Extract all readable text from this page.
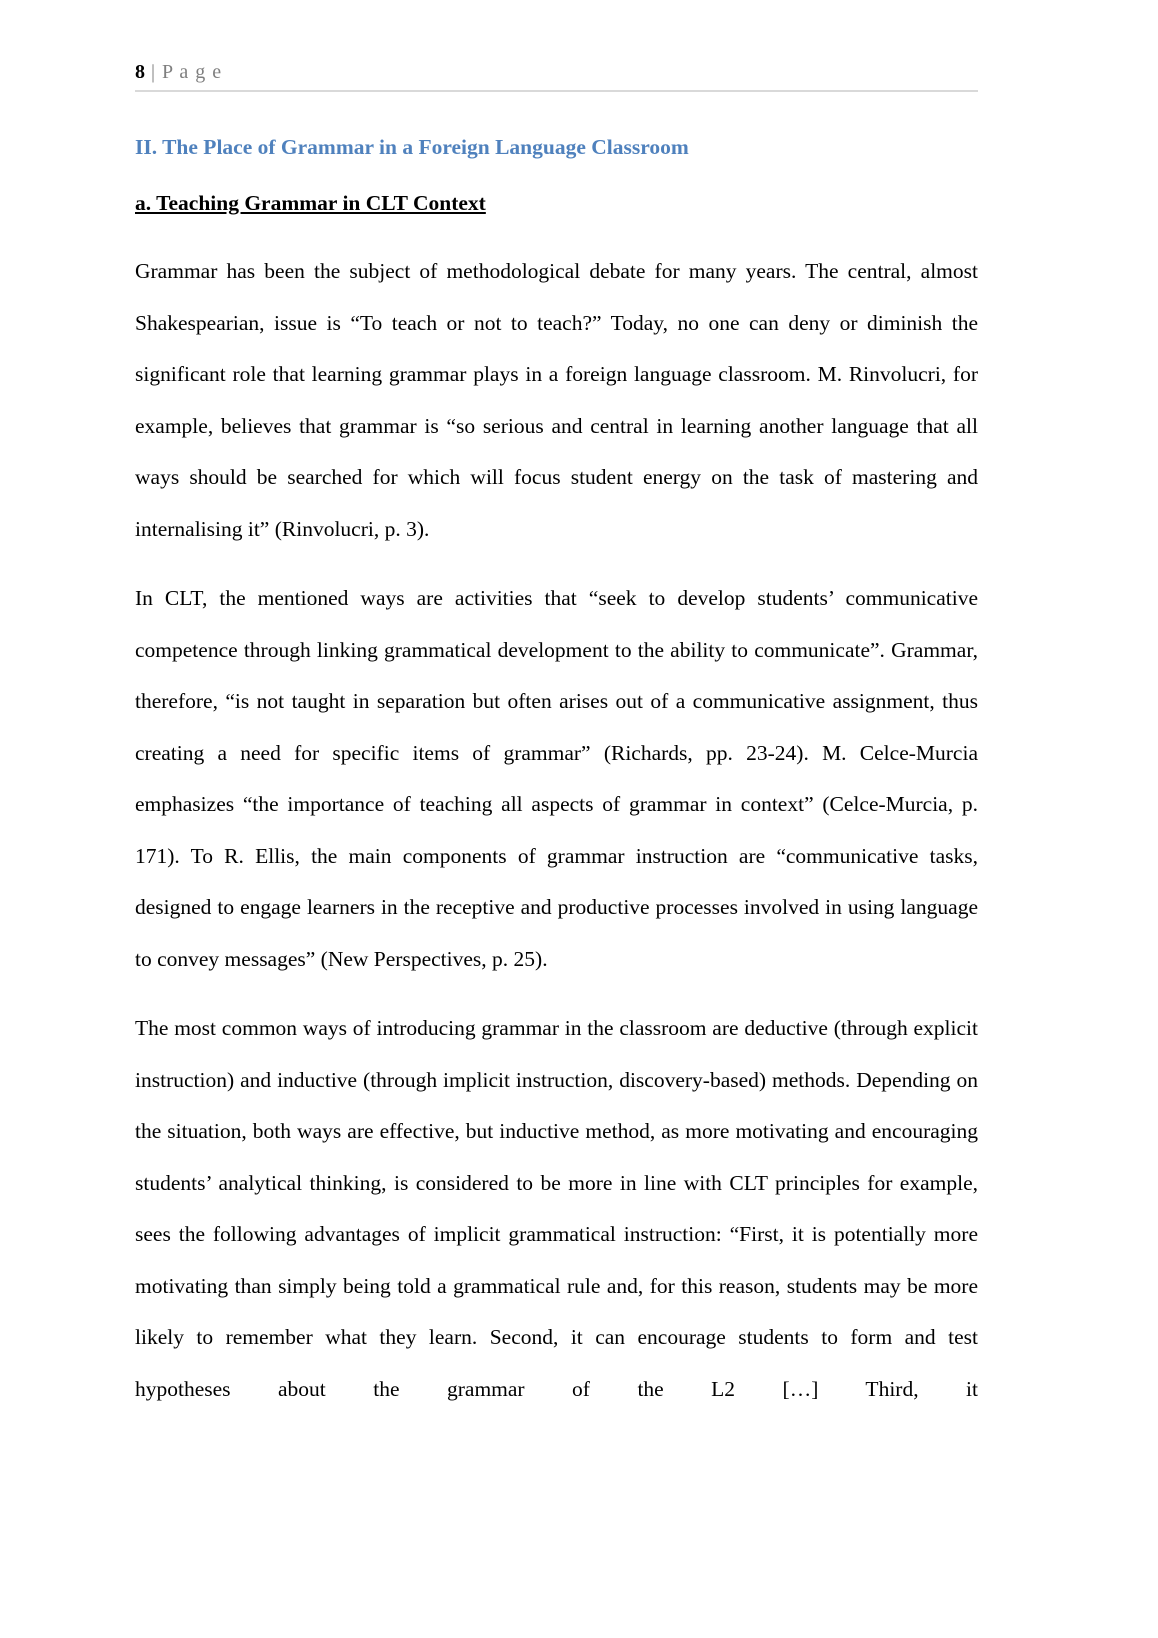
8 | P a g e
II. The Place of Grammar in a Foreign Language Classroom
a. Teaching Grammar in CLT Context

Grammar has been the subject of methodological debate for many years. The central, almost Shakespearian, issue is “To teach or not to teach?” Today, no one can deny or diminish the significant role that learning grammar plays in a foreign language classroom. M. Rinvolucri, for example, believes that grammar is “so serious and central in learning another language that all ways should be searched for which will focus student energy on the task of mastering and internalising it” (Rinvolucri, p. 3).

In CLT, the mentioned ways are activities that “seek to develop students’ communicative competence through linking grammatical development to the ability to communicate”. Grammar, therefore, “is not taught in separation but often arises out of a communicative assignment, thus creating a need for specific items of grammar” (Richards, pp. 23-24). M. Celce-Murcia emphasizes “the importance of teaching all aspects of grammar in context” (Celce-Murcia, p. 171). To R. Ellis, the main components of grammar instruction are “communicative tasks, designed to engage learners in the receptive and productive processes involved in using language to convey messages” (New Perspectives, p. 25).

The most common ways of introducing grammar in the classroom are deductive (through explicit instruction) and inductive (through implicit instruction, discovery-based) methods. Depending on the situation, both ways are effective, but inductive method, as more motivating and encouraging students’ analytical thinking, is considered to be more in line with CLT principles for example, sees the following advantages of implicit grammatical instruction: “First, it is potentially more motivating than simply being told a grammatical rule and, for this reason, students may be more likely to remember what they learn. Second, it can encourage students to form and test hypotheses about the grammar of the L2 […] Third, it
